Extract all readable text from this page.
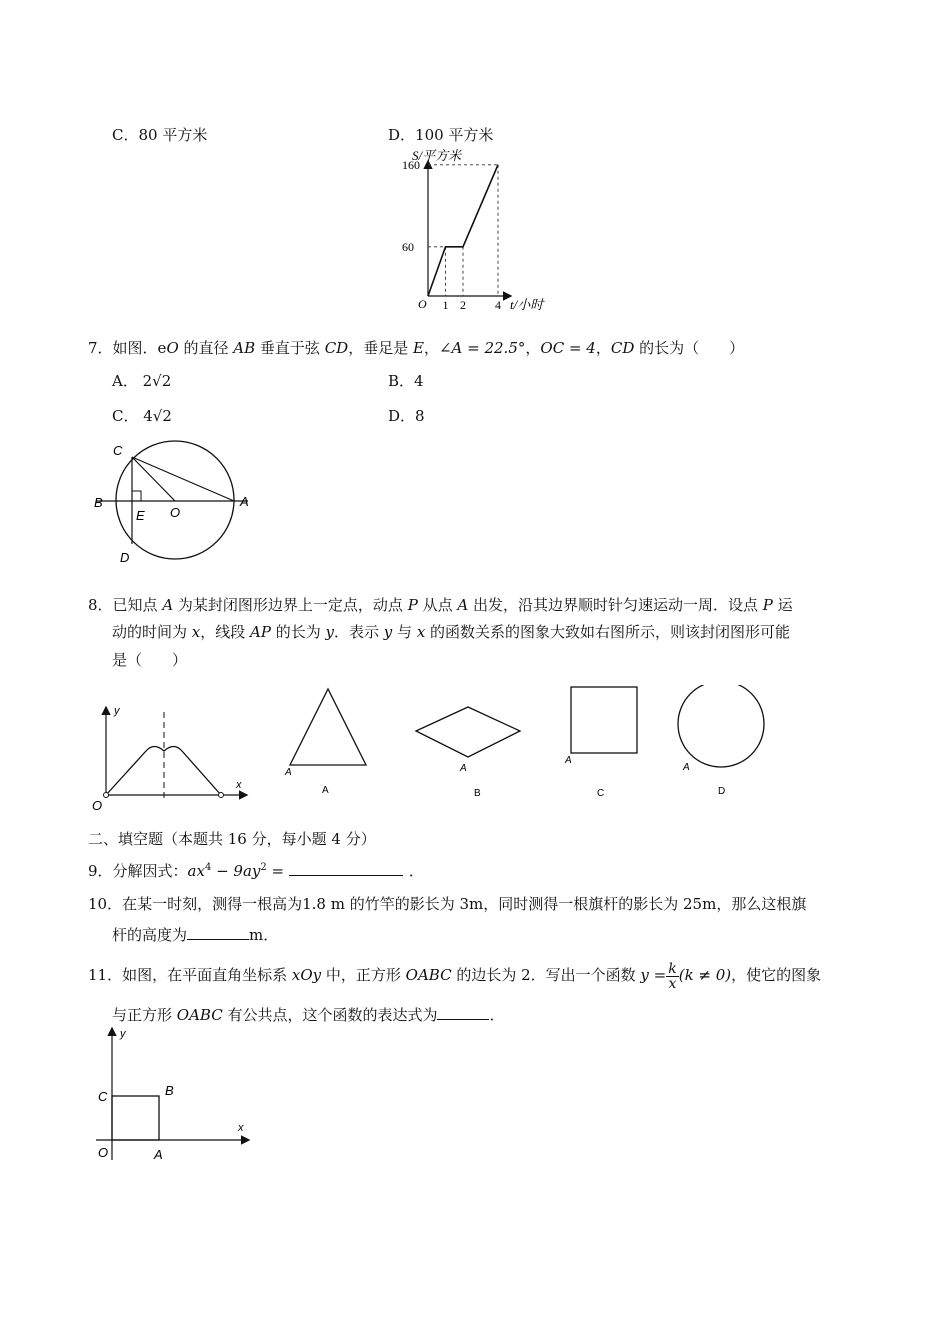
C．80 平方米	D．100 平方米
S/平方米
t/小时
O
160
60
1 2 4
7．如图．eO 的直径 AB 垂直于弦 CD，垂足是 E，∠A = 22.5°，OC = 4，CD 的长为（　　）
A． 2√2	B．4
C． 4√2	D．8
C
B	A
E O
D
8．已知点 A 为某封闭图形边界上一定点，动点 P 从点 A 出发，沿其边界顺时针匀速运动一周．设点 P 运
动的时间为 x，线段 AP 的长为 y．表示 y 与 x 的函数关系的图象大致如右图所示，则该封闭图形可能
是（　　）
y
x
O
A	A
A
A
A	B	C	D
二、填空题（本题共 16 分，每小题 4 分）
9．分解因式：$ax^4 - 9ay^2$ =	．
10．在某一时刻，测得一根高为1.8 m 的竹竿的影长为 3m，同时测得一根旗杆的影长为 25m，那么这根旗
杆的高度为	m．
11．如图，在平面直角坐标系 xOy 中，正方形 OABC 的边长为 2．写出一个函数 $y = \frac{k}{x} (k \ne 0)$，使它的图象
与正方形 OABC 有公共点，这个函数的表达式为	．
y
x
C	B
O	A
